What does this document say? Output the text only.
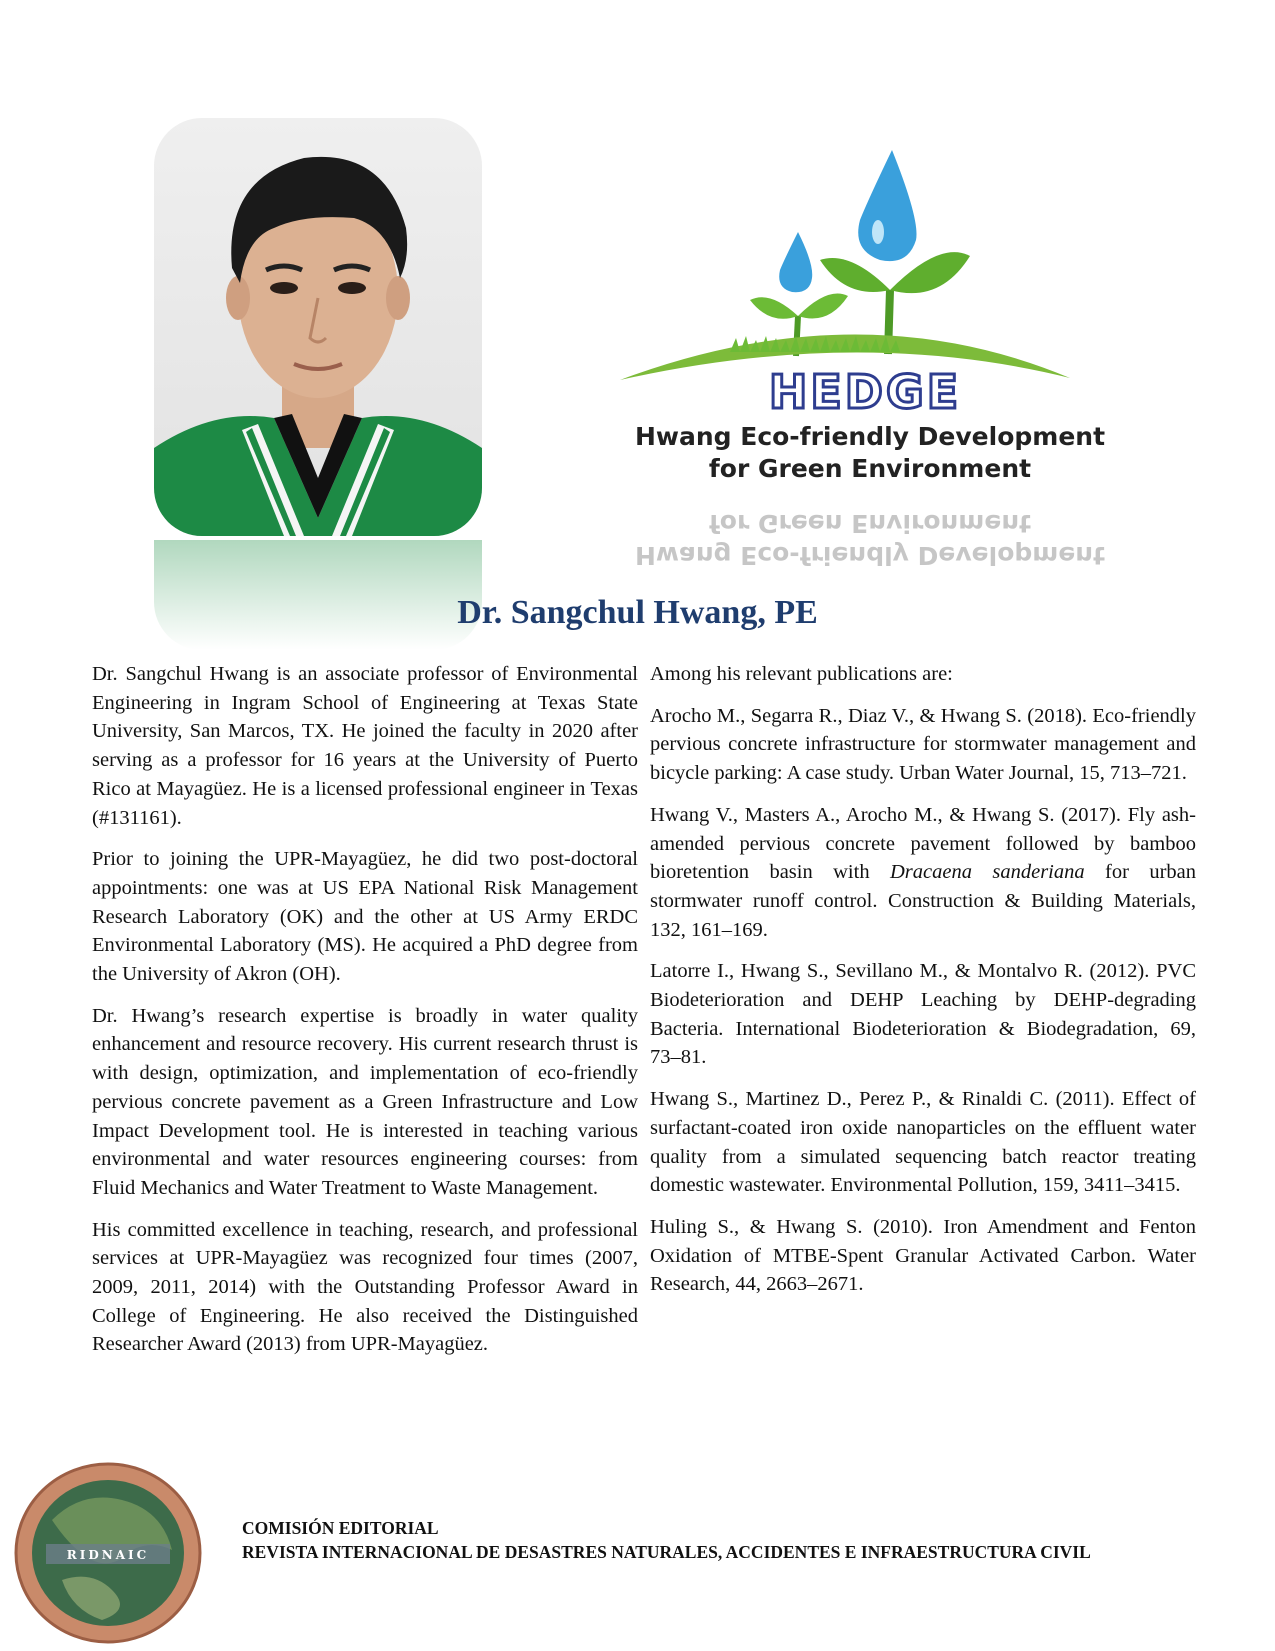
HEDGE
Hwang Eco-friendly Development
for Green Environment
for Green Environment
Hwang Eco-friendly Development
Dr. Sangchul Hwang, PE

Dr. Sangchul Hwang is an associate professor of Environmental Engineering in Ingram School of Engineering at Texas State University, San Marcos, TX. He joined the faculty in 2020 after serving as a professor for 16 years at the University of Puerto Rico at Mayagüez. He is a licensed professional engineer in Texas (#131161).

Prior to joining the UPR-Mayagüez, he did two post-doctoral appointments: one was at US EPA National Risk Management Research Laboratory (OK) and the other at US Army ERDC Environmental Laboratory (MS). He acquired a PhD degree from the University of Akron (OH).

Dr. Hwang’s research expertise is broadly in water quality enhancement and resource recovery. His current research thrust is with design, optimization, and implementation of eco-friendly pervious concrete pavement as a Green Infrastructure and Low Impact Development tool. He is interested in teaching various environmental and water resources engineering courses: from Fluid Mechanics and Water Treatment to Waste Management.

His committed excellence in teaching, research, and professional services at UPR-Mayagüez was recognized four times (2007, 2009, 2011, 2014) with the Outstanding Professor Award in College of Engineering. He also received the Distinguished Researcher Award (2013) from UPR-Mayagüez.

Among his relevant publications are:

Arocho M., Segarra R., Diaz V., & Hwang S. (2018). Eco-friendly pervious concrete infrastructure for stormwater management and bicycle parking: A case study. Urban Water Journal, 15, 713–721.

Hwang V., Masters A., Arocho M., & Hwang S. (2017). Fly ash-amended pervious concrete pavement followed by bamboo bioretention basin with Dracaena sanderiana for urban stormwater runoff control. Construction & Building Materials, 132, 161–169.

Latorre I., Hwang S., Sevillano M., & Montalvo R. (2012). PVC Biodeterioration and DEHP Leaching by DEHP-degrading Bacteria. International Biodeterioration & Biodegradation, 69, 73–81.

Hwang S., Martinez D., Perez P., & Rinaldi C. (2011). Effect of surfactant-coated iron oxide nanoparticles on the effluent water quality from a simulated sequencing batch reactor treating domestic wastewater. Environmental Pollution, 159, 3411–3415.

Huling S., & Hwang S. (2010). Iron Amendment and Fenton Oxidation of MTBE-Spent Granular Activated Carbon. Water Research, 44, 2663–2671.

RIDNAIC
COMISIÓN EDITORIAL
REVISTA INTERNACIONAL DE DESASTRES NATURALES, ACCIDENTES E INFRAESTRUCTURA CIVIL
